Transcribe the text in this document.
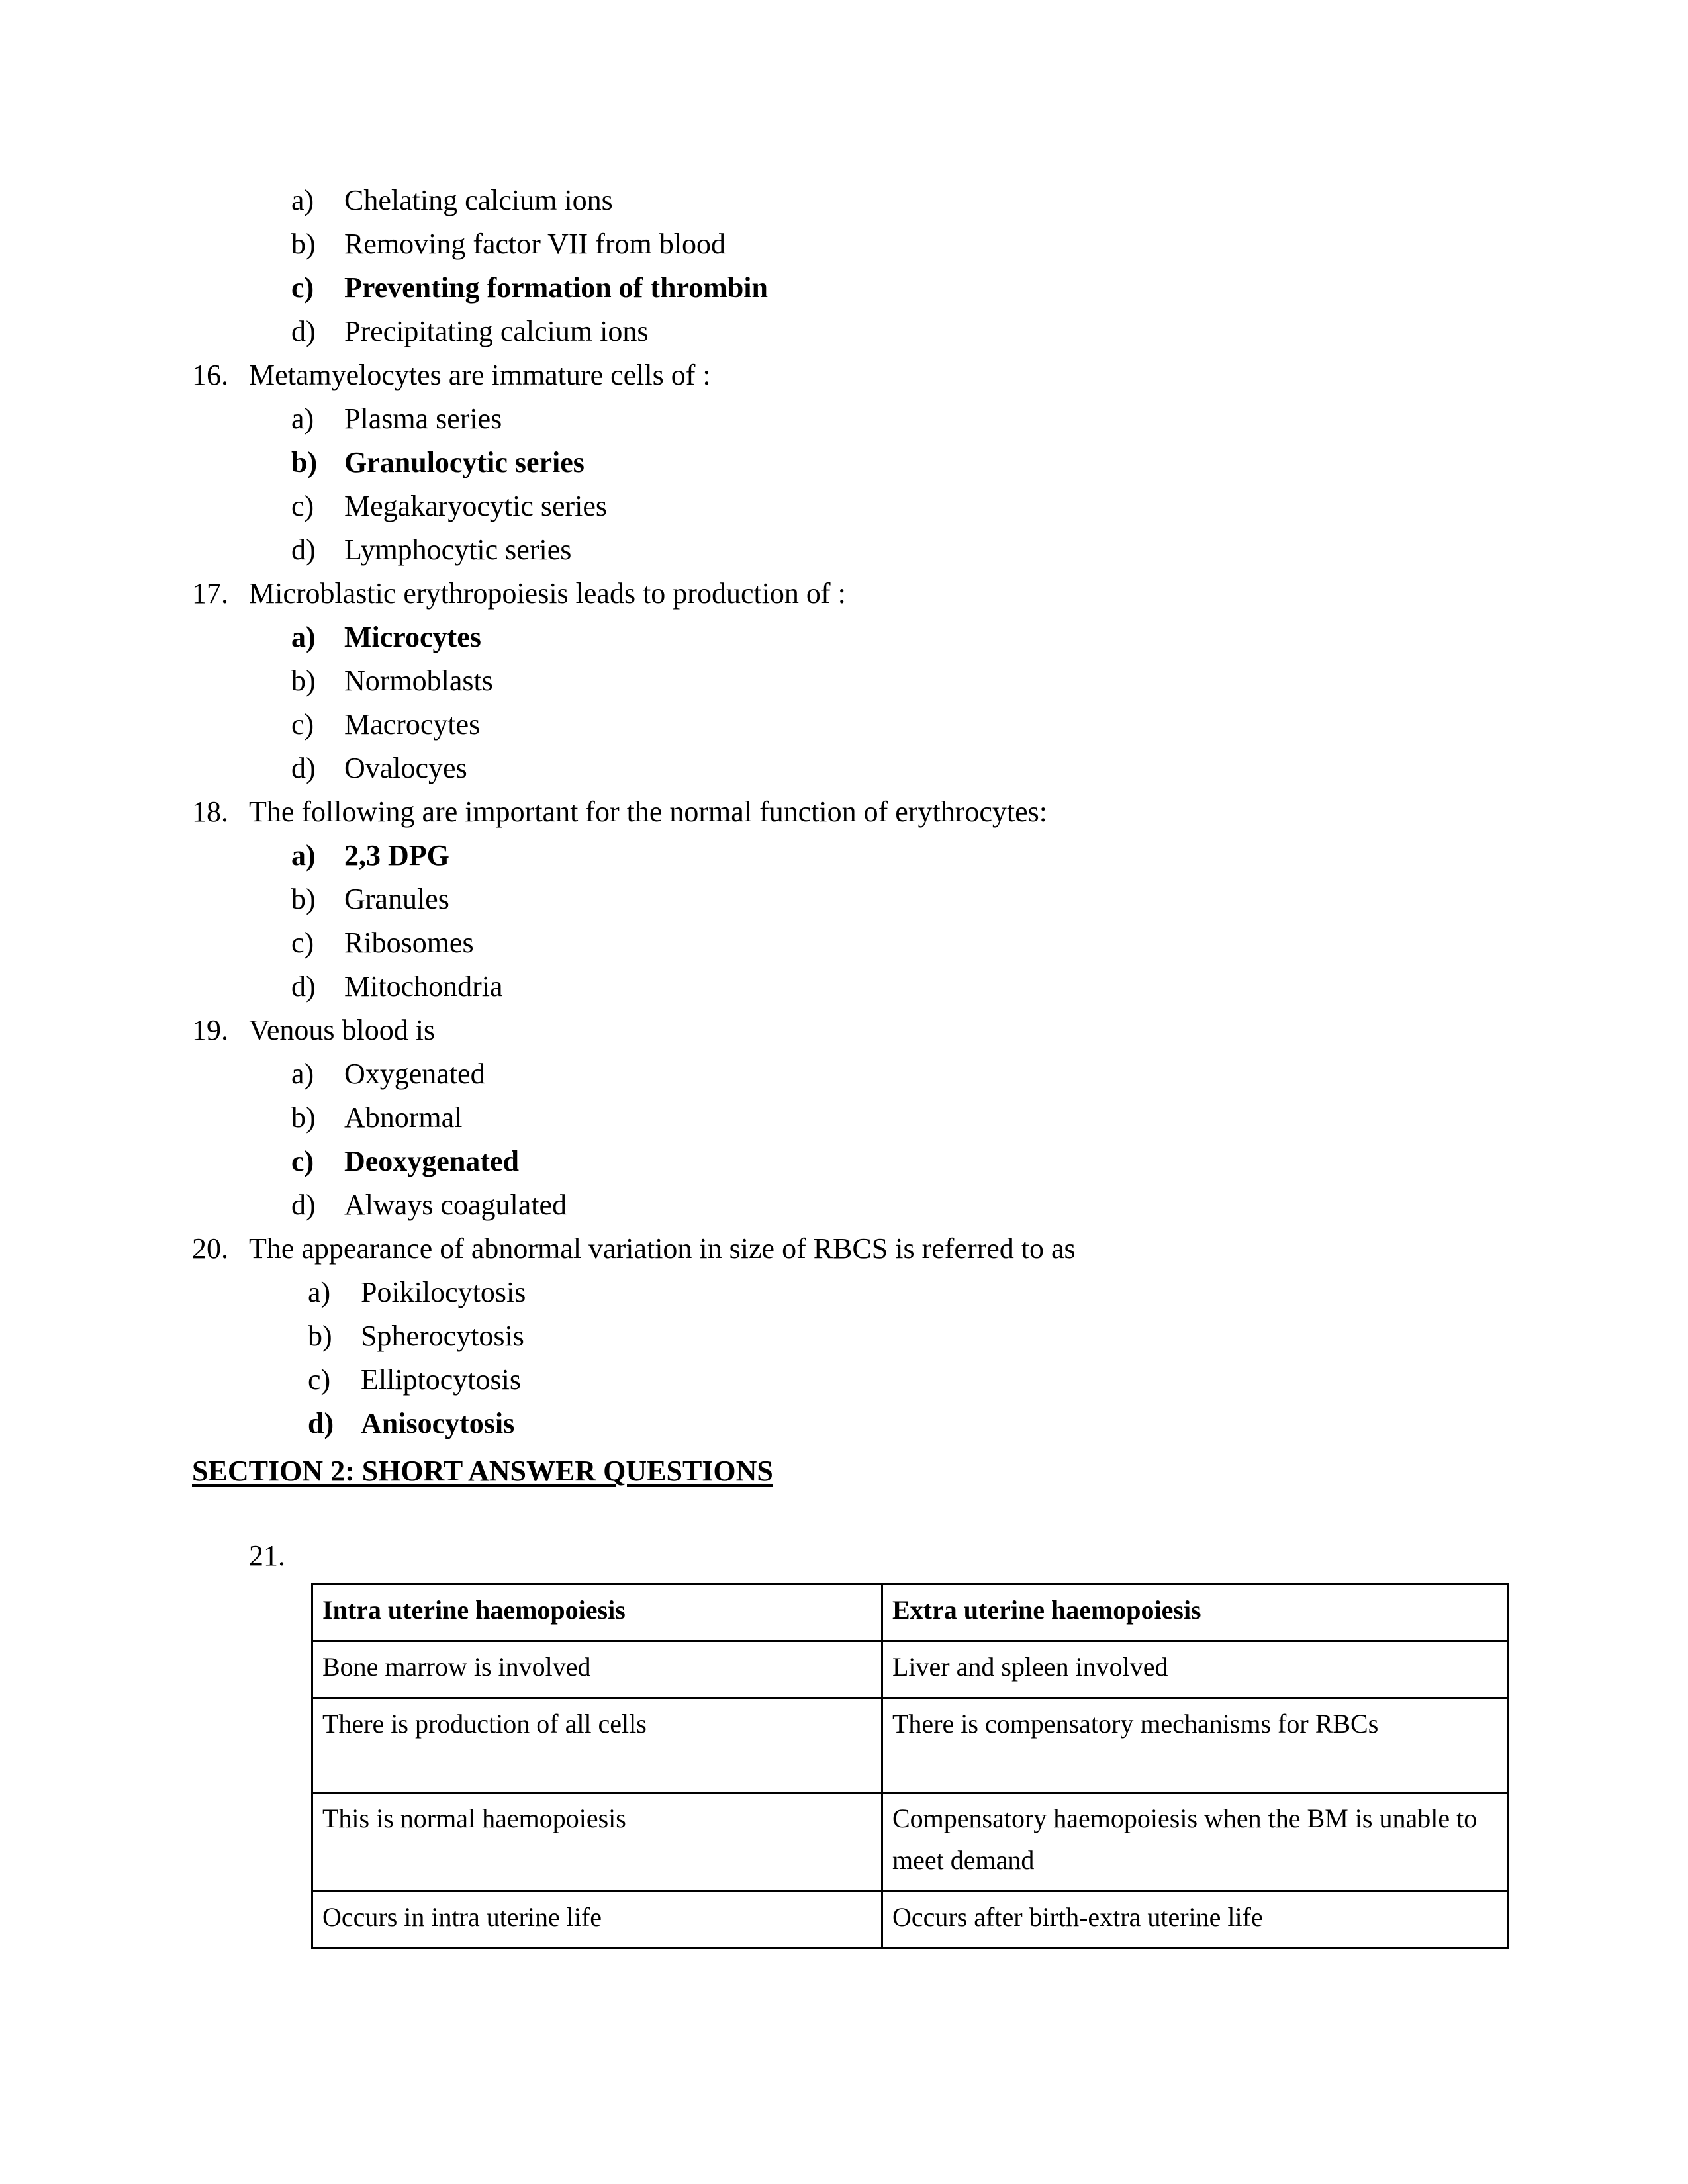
a)	Chelating calcium ions
b) Removing factor VII from blood
c)	Preventing formation of thrombin
d) Precipitating calcium ions
16. Metamyelocytes are immature cells of :
a)	Plasma series
b) Granulocytic series
c)	Megakaryocytic series
d) Lymphocytic series
17. Microblastic erythropoiesis leads to production of :
a) Microcytes
b) Normoblasts
c)	Macrocytes
d) Ovalocyes
18. The following are important for the normal function of erythrocytes:
a) 2,3 DPG
b) Granules
c)	Ribosomes
d) Mitochondria
19. Venous blood is
a)	Oxygenated
b) Abnormal
c)	Deoxygenated
d) Always coagulated
20. The appearance of abnormal variation in size of RBCS is referred to as
a)	Poikilocytosis
b) Spherocytosis
c)	Elliptocytosis
d) Anisocytosis
SECTION 2: SHORT ANSWER QUESTIONS
21.
Intra uterine haemopoiesis	Extra uterine haemopoiesis
Bone marrow is involved	Liver and spleen involved
There is production of all cells	There is compensatory mechanisms for RBCs
This is normal haemopoiesis	Compensatory haemopoiesis when the BM is unable to meet demand
Occurs in intra uterine life	Occurs after birth-extra uterine life
